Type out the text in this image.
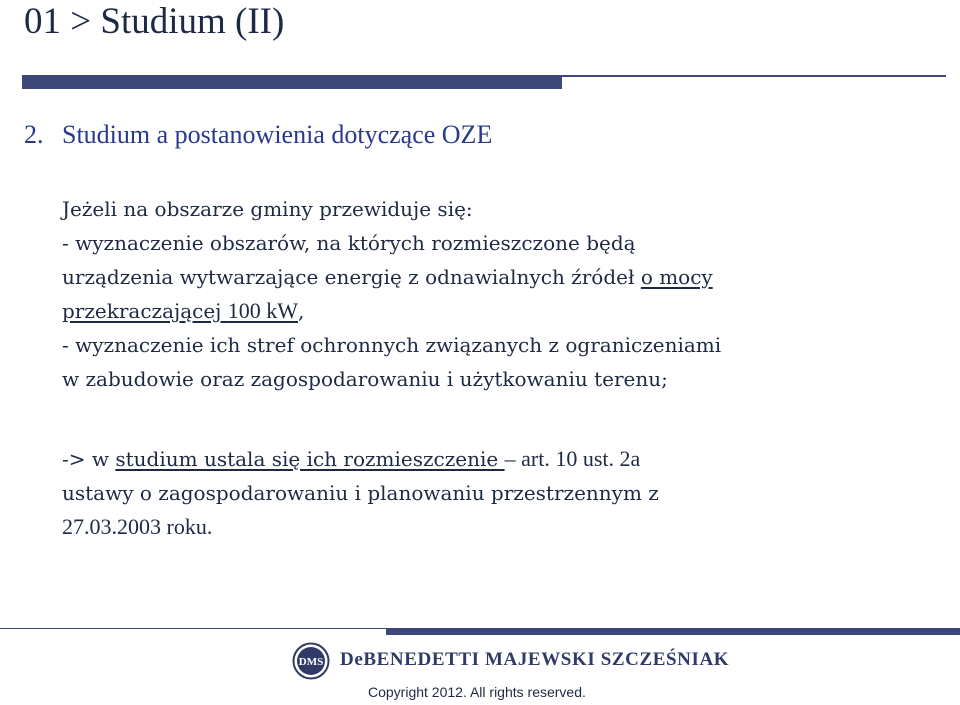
01 > Studium (II)
2. Studium a postanowienia dotyczące OZE
Jeżeli na obszarze gminy przewiduje się:
- wyznaczenie obszarów, na których rozmieszczone będą
urządzenia wytwarzające energię z odnawialnych źródeł o mocy
przekraczającej 100 kW,
- wyznaczenie ich stref ochronnych związanych z ograniczeniami
w zabudowie oraz zagospodarowaniu i użytkowaniu terenu;
-> w studium ustala się ich rozmieszczenie – art. 10 ust. 2a
ustawy o zagospodarowaniu i planowaniu przestrzennym z
27.03.2003 roku.
DMS DeBENEDETTI MAJEWSKI SZCZEŚNIAK
Copyright 2012. All rights reserved.
